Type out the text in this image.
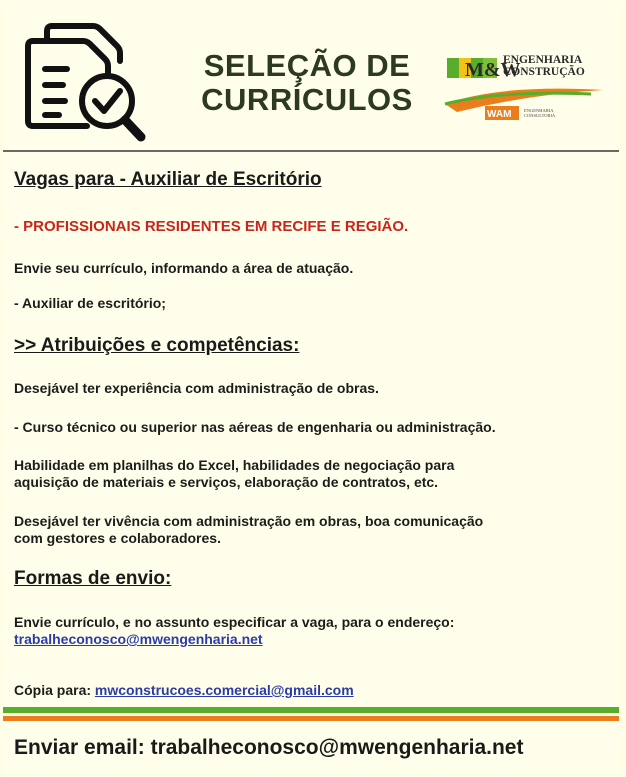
SELEÇÃO DE
CURRÍCULOS
M&W
WAM
ENGENHARIA
CONSTRUÇÃO
ENGENHARIA
CONSULTORIA
Vagas para - Auxiliar de Escritório
- PROFISSIONAIS RESIDENTES EM RECIFE E REGIÃO.
Envie seu currículo, informando a área de atuação.
- Auxiliar de escritório;
>> Atribuições e competências:
Desejável ter experiência com administração de obras.
- Curso técnico ou superior nas aéreas de engenharia ou administração.
Habilidade em planilhas do Excel, habilidades de negociação para
aquisição de materiais e serviços, elaboração de contratos, etc.
Desejável ter vivência com administração em obras, boa comunicação
com gestores e colaboradores.
Formas de envio:
Envie currículo, e no assunto especificar a vaga, para o endereço:
trabalheconosco@mwengenharia.net
Cópia para: mwconstrucoes.comercial@gmail.com
Enviar email: trabalheconosco@mwengenharia.net
